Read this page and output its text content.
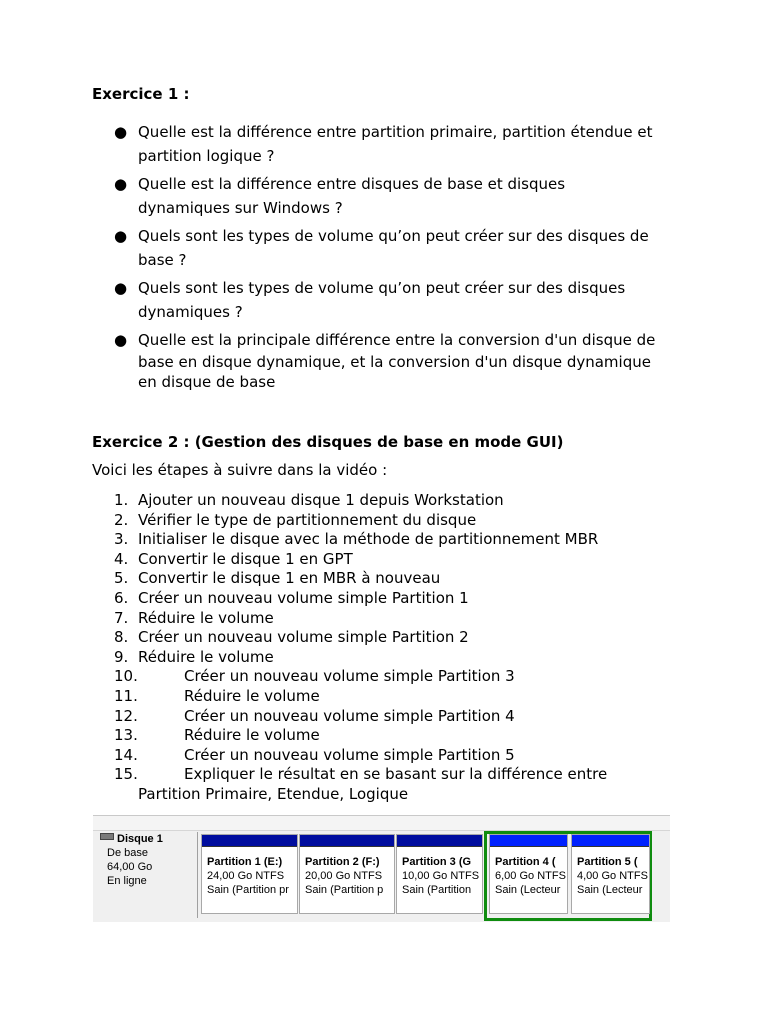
Exercice 1 :
● Quelle est la différence entre partition primaire, partition étendue et
partition logique ?
● Quelle est la différence entre disques de base et disques
dynamiques sur Windows ?
● Quels sont les types de volume qu’on peut créer sur des disques de
base ?
● Quels sont les types de volume qu’on peut créer sur des disques
dynamiques ?
● Quelle est la principale différence entre la conversion d'un disque de
base en disque dynamique, et la conversion d'un disque dynamique
en disque de base
Exercice 2 : (Gestion des disques de base en mode GUI)
Voici les étapes à suivre dans la vidéo :
1. Ajouter un nouveau disque 1 depuis Workstation
2. Vérifier le type de partitionnement du disque
3. Initialiser le disque avec la méthode de partitionnement MBR
4. Convertir le disque 1 en GPT
5. Convertir le disque 1 en MBR à nouveau
6. Créer un nouveau volume simple Partition 1
7. Réduire le volume
8. Créer un nouveau volume simple Partition 2
9. Réduire le volume
10.	Créer un nouveau volume simple Partition 3
11.	Réduire le volume
12.	Créer un nouveau volume simple Partition 4
13.	Réduire le volume
14.	Créer un nouveau volume simple Partition 5
15.	Expliquer le résultat en se basant sur la différence entre
Partition Primaire, Etendue, Logique
Disque 1
De base
64,00 Go
En ligne
Partition 1 (E:)
24,00 Go NTFS
Sain (Partition pr
Partition 2 (F:)
20,00 Go NTFS
Sain (Partition p
Partition 3 (G
10,00 Go NTFS
Sain (Partition
Partition 4 (
6,00 Go NTFS
Sain (Lecteur
Partition 5 (
4,00 Go NTFS
Sain (Lecteur
